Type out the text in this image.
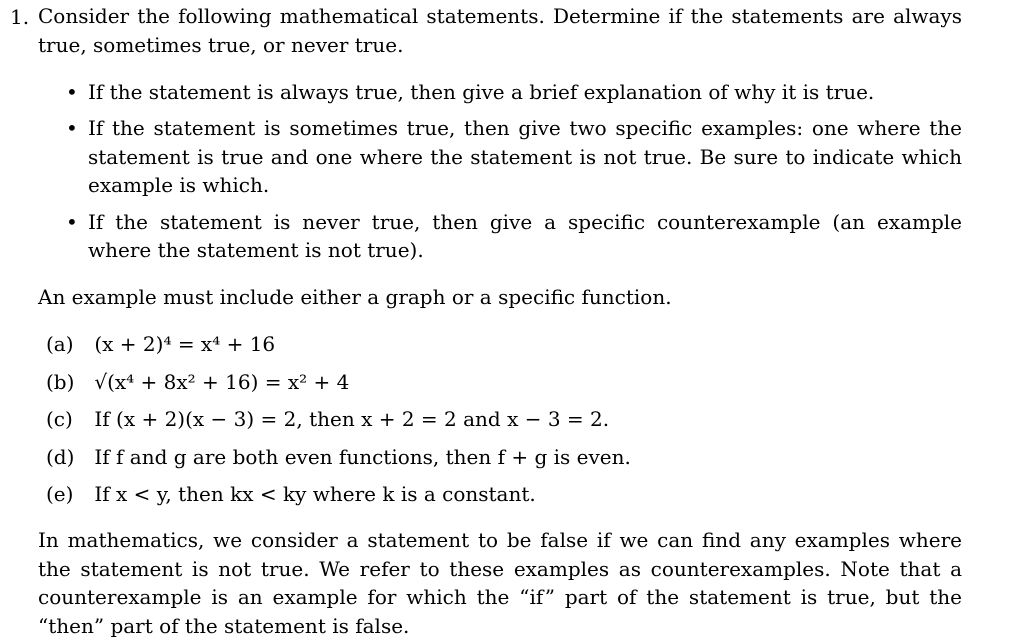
1. Consider the following mathematical statements. Determine if the statements are always true, sometimes true, or never true.

• If the statement is always true, then give a brief explanation of why it is true.
• If the statement is sometimes true, then give two specific examples: one where the statement is true and one where the statement is not true. Be sure to indicate which example is which.
• If the statement is never true, then give a specific counterexample (an example where the statement is not true).

An example must include either a graph or a specific function.

(a) (x + 2)⁴ = x⁴ + 16
(b) √(x⁴ + 8x² + 16) = x² + 4
(c) If (x + 2)(x − 3) = 2, then x + 2 = 2 and x − 3 = 2.
(d) If f and g are both even functions, then f + g is even.
(e) If x < y, then kx < ky where k is a constant.

In mathematics, we consider a statement to be false if we can find any examples where the statement is not true. We refer to these examples as counterexamples. Note that a counterexample is an example for which the “if” part of the statement is true, but the “then” part of the statement is false.
